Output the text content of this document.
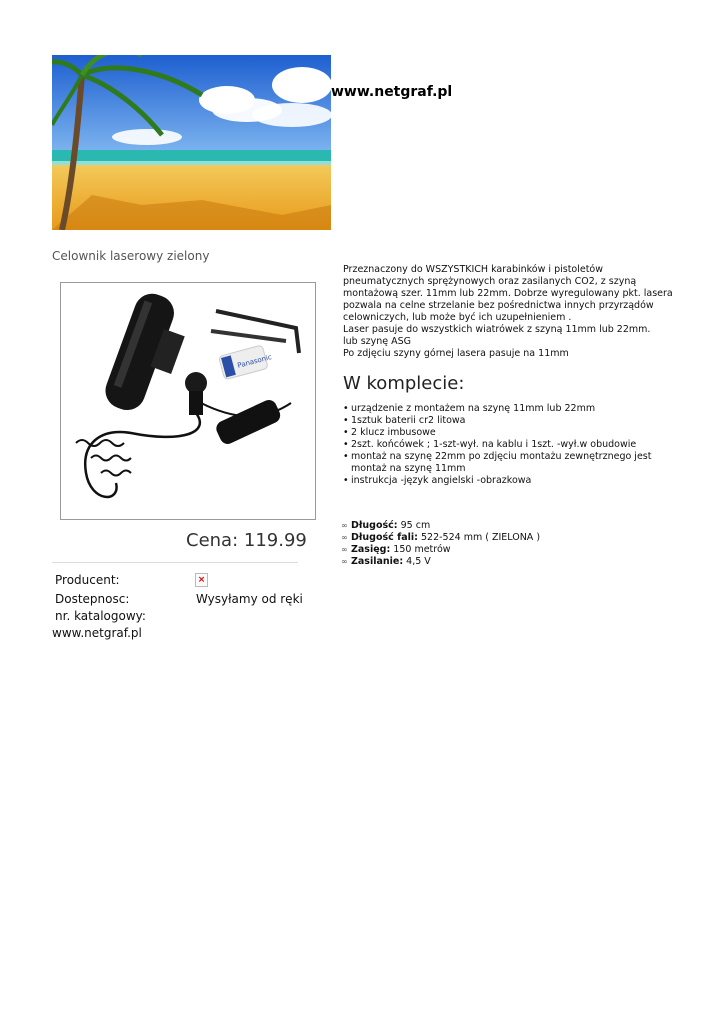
www.netgraf.pl
Celownik laserowy zielony
Panasonic
Cena: 119.99
Producent:	×
Dostepnosc:	Wysyłamy od ręki
nr. katalogowy:
www.netgraf.pl

Przeznaczony do WSZYSTKICH karabinków i pistoletów

pneumatycznych sprężynowych oraz zasilanych CO2, z szyną

montażową szer. 11mm lub 22mm. Dobrze wyregulowany pkt. lasera

pozwala na celne strzelanie bez pośrednictwa innych przyrządów

celowniczych, lub może być ich uzupełnieniem .

Laser pasuje do wszystkich wiatrówek z szyną 11mm lub 22mm.

lub szynę ASG

Po zdjęciu szyny górnej lasera pasuje na 11mm

W komplecie:
• urządzenie z montażem na szynę 11mm lub 22mm
• 1sztuk baterii cr2 litowa
• 2 klucz imbusowe
• 2szt. końcówek ; 1-szt-wył. na kablu i 1szt. -wył.w obudowie
• montaż na szynę 22mm po zdjęciu montażu zewnętrznego jest
montaż na szynę 11mm
• instrukcja -język angielski -obrazkowa
∞ Długość: 95 cm
∞ Długość fali: 522-524 mm ( ZIELONA )
∞ Zasięg: 150 metrów
∞ Zasilanie: 4,5 V
